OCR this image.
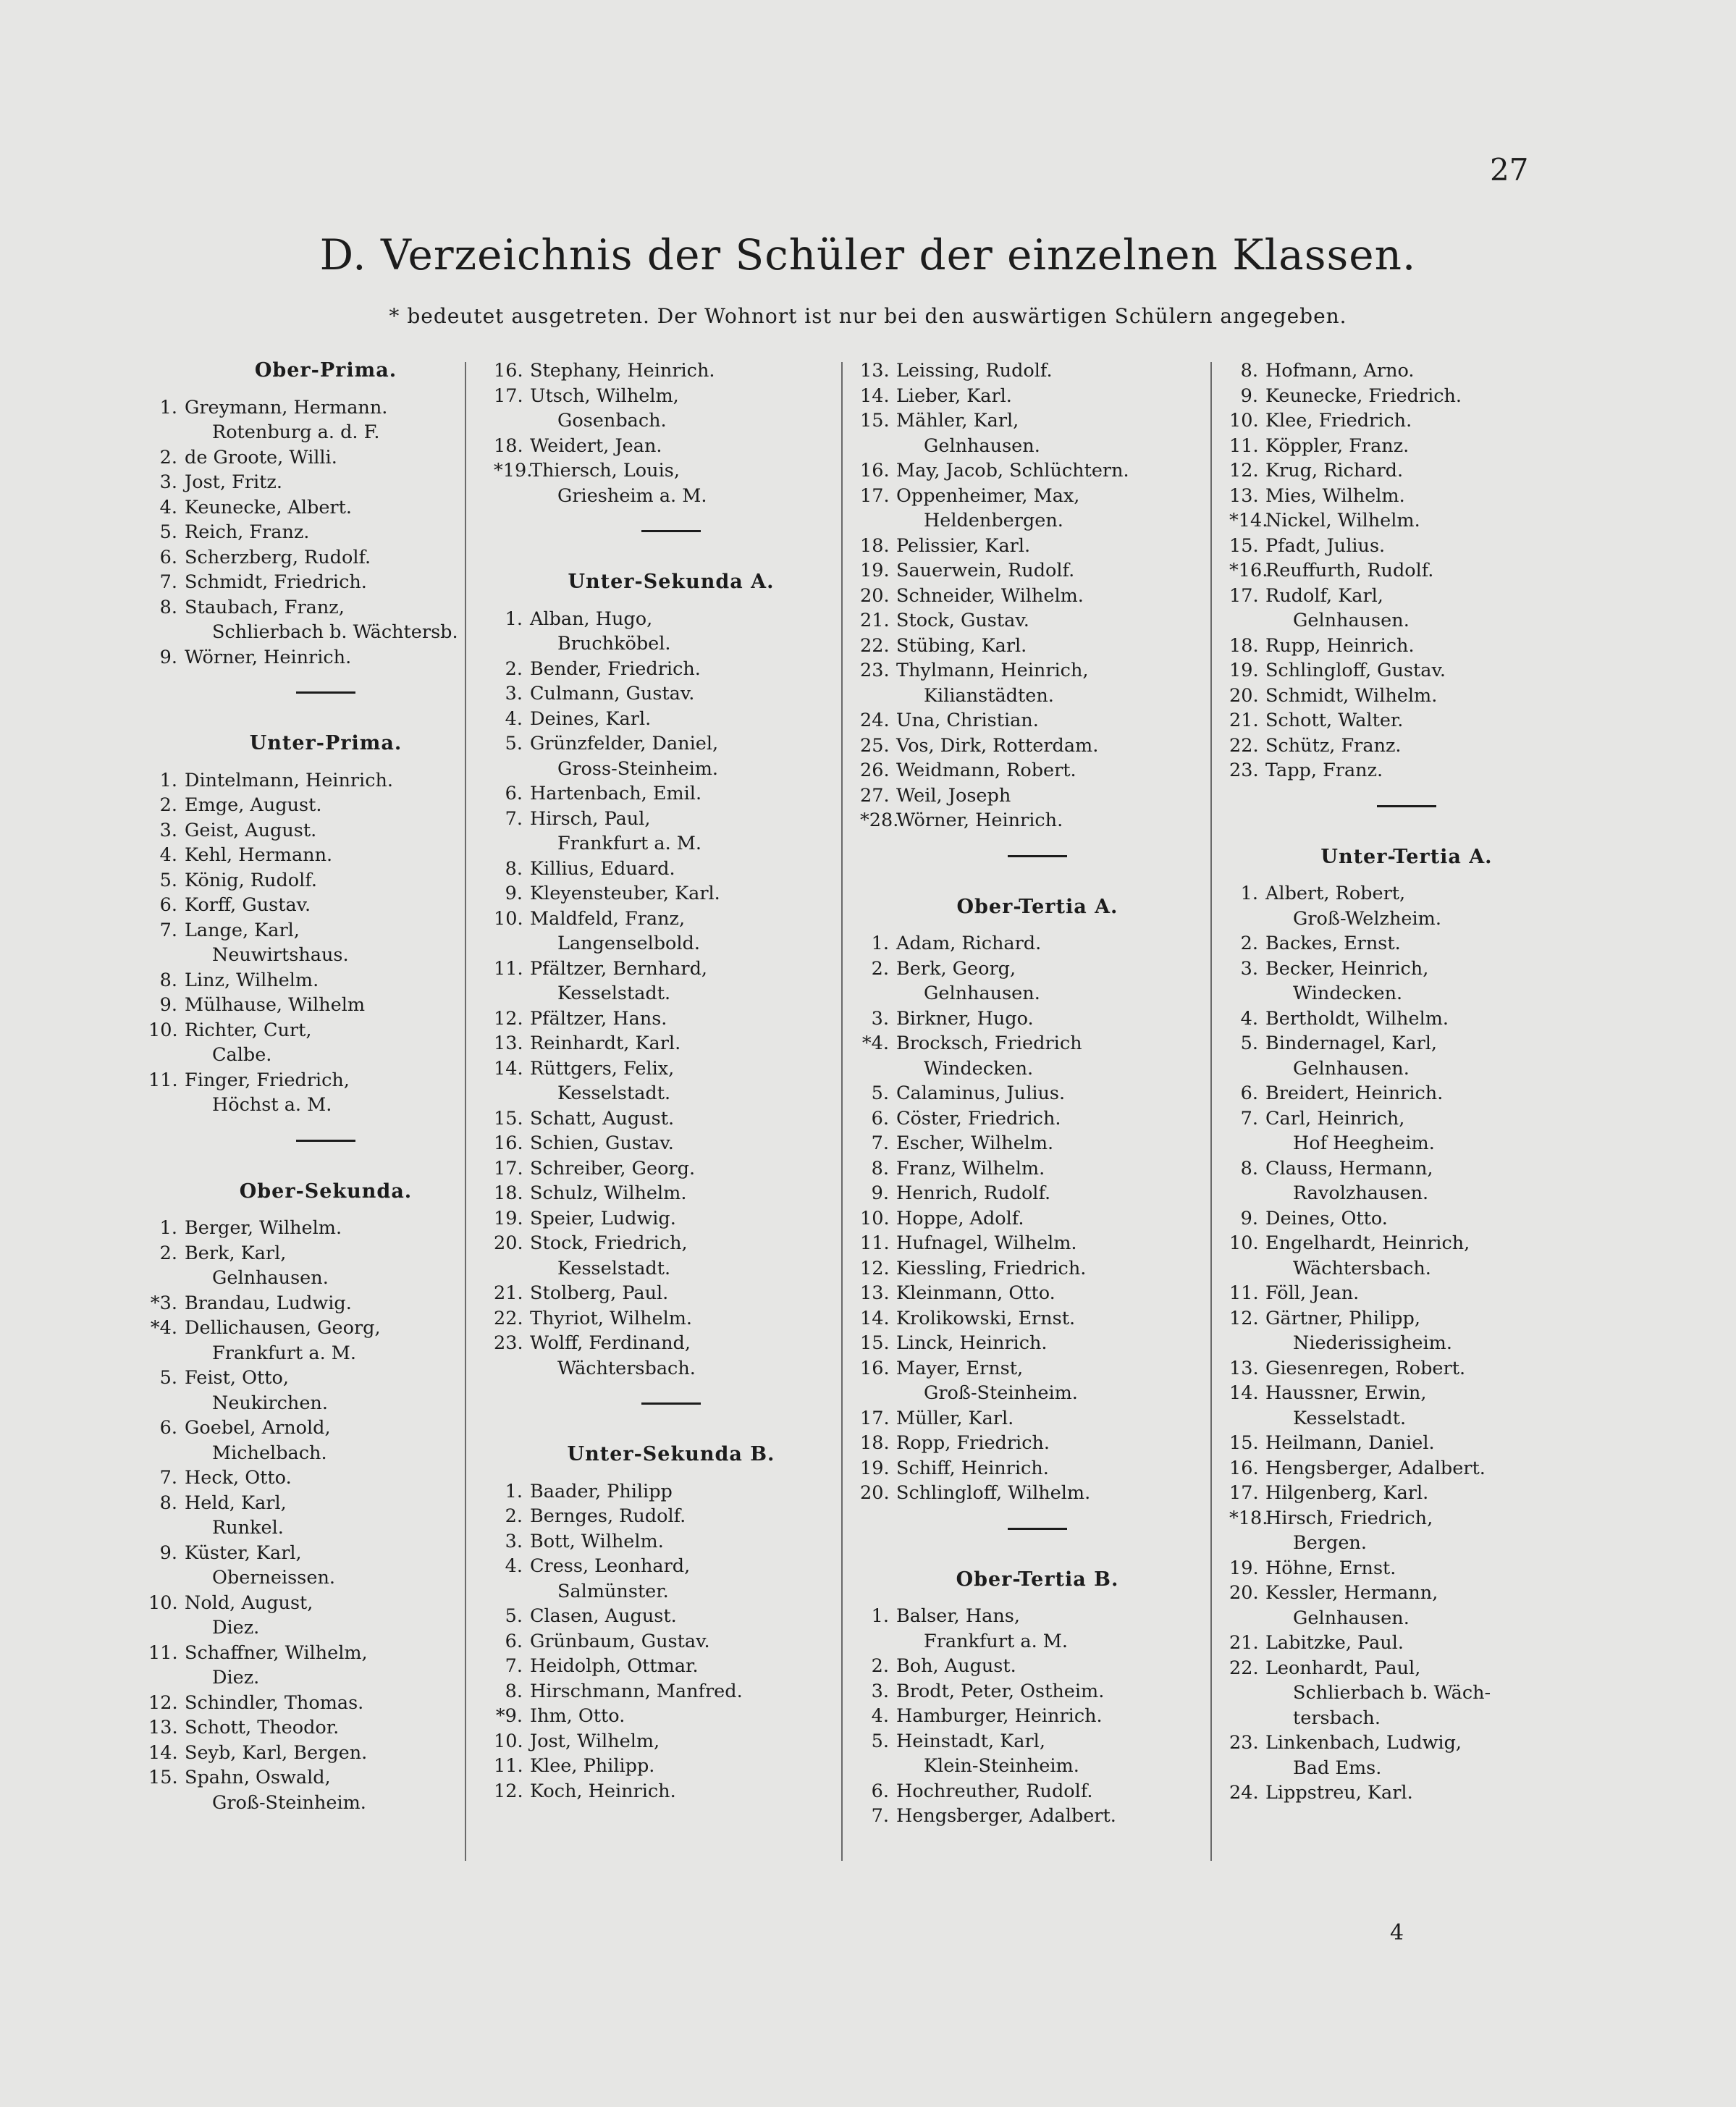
27
D. Verzeichnis der Schüler der einzelnen Klassen.
* bedeutet ausgetreten. Der Wohnort ist nur bei den auswärtigen Schülern angegeben.
Ober-Prima.
1. Greymann, Hermann.
Rotenburg a. d. F.
2. de Groote, Willi.
3. Jost, Fritz.
4. Keunecke, Albert.
5. Reich, Franz.
6. Scherzberg, Rudolf.
7. Schmidt, Friedrich.
8. Staubach, Franz,
Schlierbach b. Wächtersb.
9. Wörner, Heinrich.
Unter-Prima.
1. Dintelmann, Heinrich.
2. Emge, August.
3. Geist, August.
4. Kehl, Hermann.
5. König, Rudolf.
6. Korff, Gustav.
7. Lange, Karl,
Neuwirtshaus.
8. Linz, Wilhelm.
9. Mülhause, Wilhelm
10. Richter, Curt,
Calbe.
11. Finger, Friedrich,
Höchst a. M.
Ober-Sekunda.
1. Berger, Wilhelm.
2. Berk, Karl,
Gelnhausen.
*3. Brandau, Ludwig.
*4. Dellichausen, Georg,
Frankfurt a. M.
5. Feist, Otto,
Neukirchen.
6. Goebel, Arnold,
Michelbach.
7. Heck, Otto.
8. Held, Karl,
Runkel.
9. Küster, Karl,
Oberneissen.
10. Nold, August,
Diez.
11. Schaffner, Wilhelm,
Diez.
12. Schindler, Thomas.
13. Schott, Theodor.
14. Seyb, Karl, Bergen.
15. Spahn, Oswald,
Groß-Steinheim.
16. Stephany, Heinrich.
17. Utsch, Wilhelm,
Gosenbach.
18. Weidert, Jean.
*19.
Thiersch, Louis,
Griesheim a. M.
Unter-Sekunda A.
1. Alban, Hugo,
Bruchköbel.
2. Bender, Friedrich.
3. Culmann, Gustav.
4. Deines, Karl.
5. Grünzfelder, Daniel,
Gross-Steinheim.
6. Hartenbach, Emil.
7. Hirsch, Paul,
Frankfurt a. M.
8. Killius, Eduard.
9. Kleyensteuber, Karl.
10. Maldfeld, Franz,
Langenselbold.
11. Pfältzer, Bernhard,
Kesselstadt.
12. Pfältzer, Hans.
13. Reinhardt, Karl.
14. Rüttgers, Felix,
Kesselstadt.
15. Schatt, August.
16. Schien, Gustav.
17. Schreiber, Georg.
18. Schulz, Wilhelm.
19. Speier, Ludwig.
20. Stock, Friedrich,
Kesselstadt.
21. Stolberg, Paul.
22. Thyriot, Wilhelm.
23. Wolff, Ferdinand,
Wächtersbach.
Unter-Sekunda B.
1. Baader, Philipp
2. Bernges, Rudolf.
3. Bott, Wilhelm.
4. Cress, Leonhard,
Salmünster.
5. Clasen, August.
6. Grünbaum, Gustav.
7. Heidolph, Ottmar.
8. Hirschmann, Manfred.
*9. Ihm, Otto.
10. Jost, Wilhelm,
11. Klee, Philipp.
12. Koch, Heinrich.
13. Leissing, Rudolf.
14. Lieber, Karl.
15. Mähler, Karl,
Gelnhausen.
16. May, Jacob, Schlüchtern.
17. Oppenheimer, Max,
Heldenbergen.
18. Pelissier, Karl.
19. Sauerwein, Rudolf.
20. Schneider, Wilhelm.
21. Stock, Gustav.
22. Stübing, Karl.
23. Thylmann, Heinrich,
Kilianstädten.
24. Una, Christian.
25. Vos, Dirk, Rotterdam.
26. Weidmann, Robert.
27. Weil, Joseph
*28.
Wörner, Heinrich.
Ober-Tertia A.
1. Adam, Richard.
2. Berk, Georg,
Gelnhausen.
3. Birkner, Hugo.
*4. Brocksch, Friedrich
Windecken.
5. Calaminus, Julius.
6. Cöster, Friedrich.
7. Escher, Wilhelm.
8. Franz, Wilhelm.
9. Henrich, Rudolf.
10. Hoppe, Adolf.
11. Hufnagel, Wilhelm.
12. Kiessling, Friedrich.
13. Kleinmann, Otto.
14. Krolikowski, Ernst.
15. Linck, Heinrich.
16. Mayer, Ernst,
Groß-Steinheim.
17. Müller, Karl.
18. Ropp, Friedrich.
19. Schiff, Heinrich.
20. Schlingloff, Wilhelm.
Ober-Tertia B.
1. Balser, Hans,
Frankfurt a. M.
2. Boh, August.
3. Brodt, Peter, Ostheim.
4. Hamburger, Heinrich.
5. Heinstadt, Karl,
Klein-Steinheim.
6. Hochreuther, Rudolf.
7. Hengsberger, Adalbert.
8. Hofmann, Arno.
9. Keunecke, Friedrich.
10. Klee, Friedrich.
11. Köppler, Franz.
12. Krug, Richard.
13. Mies, Wilhelm.
*14.
Nickel, Wilhelm.
15. Pfadt, Julius.
*16.
Reuffurth, Rudolf.
17. Rudolf, Karl,
Gelnhausen.
18. Rupp, Heinrich.
19. Schlingloff, Gustav.
20. Schmidt, Wilhelm.
21. Schott, Walter.
22. Schütz, Franz.
23. Tapp, Franz.
Unter-Tertia A.
1. Albert, Robert,
Groß-Welzheim.
2. Backes, Ernst.
3. Becker, Heinrich,
Windecken.
4. Bertholdt, Wilhelm.
5. Bindernagel, Karl,
Gelnhausen.
6. Breidert, Heinrich.
7. Carl, Heinrich,
Hof Heegheim.
8. Clauss, Hermann,
Ravolzhausen.
9. Deines, Otto.
10. Engelhardt, Heinrich,
Wächtersbach.
11. Föll, Jean.
12. Gärtner, Philipp,
Niederissigheim.
13. Giesenregen, Robert.
14. Haussner, Erwin,
Kesselstadt.
15. Heilmann, Daniel.
16. Hengsberger, Adalbert.
17. Hilgenberg, Karl.
*18.
Hirsch, Friedrich,
Bergen.
19. Höhne, Ernst.
20. Kessler, Hermann,
Gelnhausen.
21. Labitzke, Paul.
22. Leonhardt, Paul,
Schlierbach b. Wäch-
tersbach.
23. Linkenbach, Ludwig,
Bad Ems.
24. Lippstreu, Karl.
4
